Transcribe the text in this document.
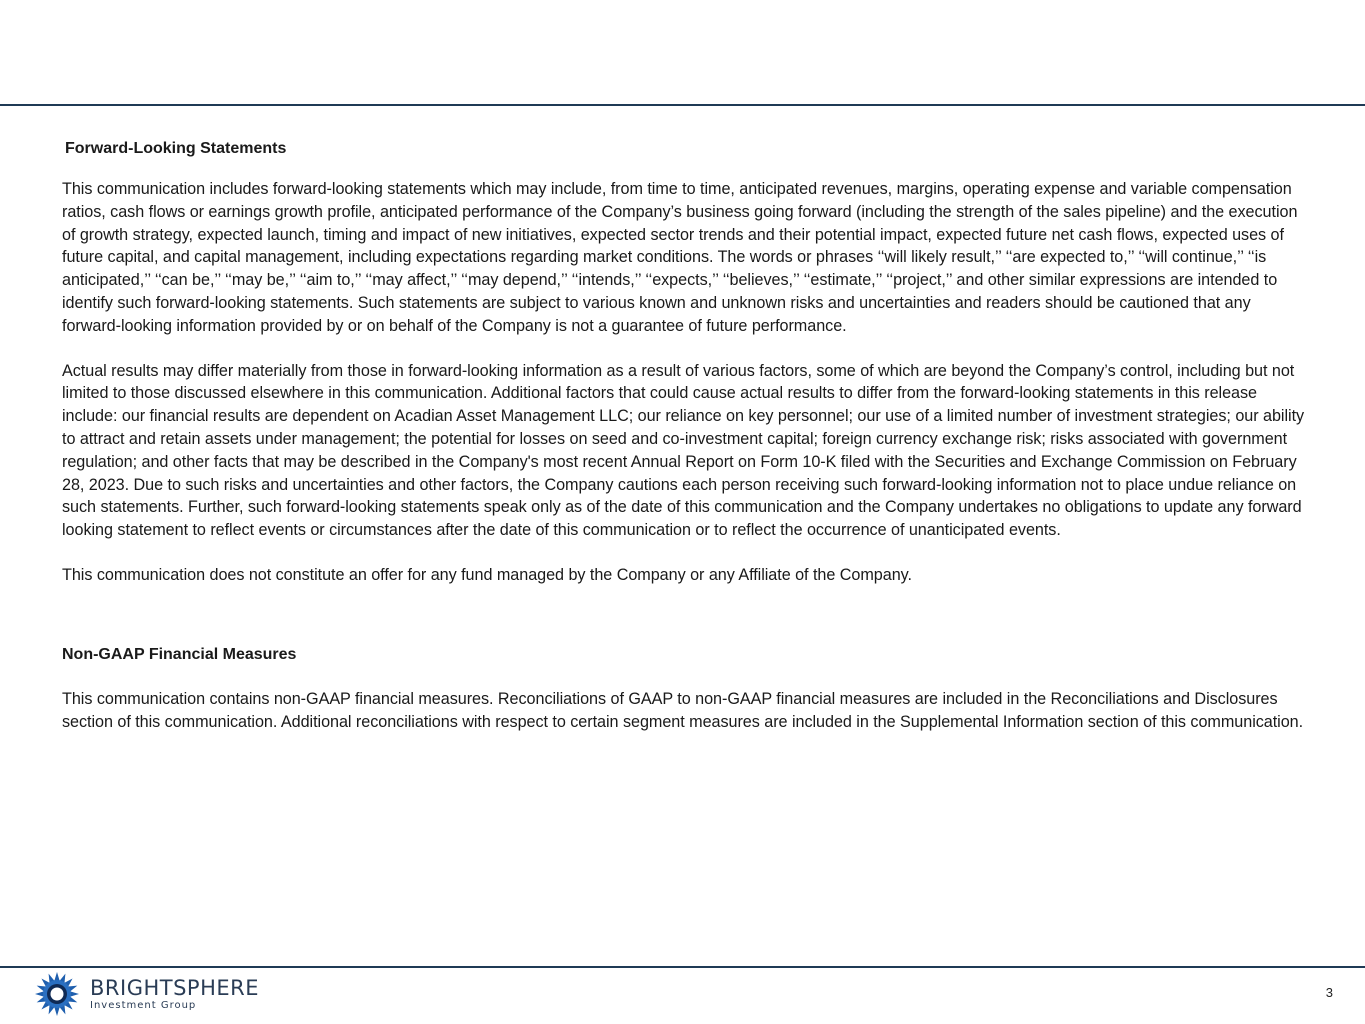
Forward-Looking Statements

This communication includes forward-looking statements which may include, from time to time, anticipated revenues, margins, operating expense and variable compensation ratios, cash flows or earnings growth profile, anticipated performance of the Company’s business going forward (including the strength of the sales pipeline) and the execution of growth strategy, expected launch, timing and impact of new initiatives, expected sector trends and their potential impact, expected future net cash flows, expected uses of future capital, and capital management, including expectations regarding market conditions. The words or phrases ‘‘will likely result,’’ ‘‘are expected to,’’ ‘‘will continue,’’ ‘‘is anticipated,’’ ‘‘can be,’’ ‘‘may be,’’ ‘‘aim to,’’ ‘‘may affect,’’ ‘‘may depend,’’ ‘‘intends,’’ ‘‘expects,’’ ‘‘believes,’’ ‘‘estimate,’’ ‘‘project,’’ and other similar expressions are intended to identify such forward-looking statements. Such statements are subject to various known and unknown risks and uncertainties and readers should be cautioned that any forward-looking information provided by or on behalf of the Company is not a guarantee of future performance.

Actual results may differ materially from those in forward-looking information as a result of various factors, some of which are beyond the Company’s control, including but not limited to those discussed elsewhere in this communication. Additional factors that could cause actual results to differ from the forward-looking statements in this release include: our financial results are dependent on Acadian Asset Management LLC; our reliance on key personnel; our use of a limited number of investment strategies; our ability to attract and retain assets under management; the potential for losses on seed and co-investment capital; foreign currency exchange risk; risks associated with government regulation; and other facts that may be described in the Company's most recent Annual Report on Form 10-K filed with the Securities and Exchange Commission on February 28, 2023. Due to such risks and uncertainties and other factors, the Company cautions each person receiving such forward-looking information not to place undue reliance on such statements. Further, such forward-looking statements speak only as of the date of this communication and the Company undertakes no obligations to update any forward looking statement to reflect events or circumstances after the date of this communication or to reflect the occurrence of unanticipated events.

This communication does not constitute an offer for any fund managed by the Company or any Affiliate of the Company.

Non-GAAP Financial Measures

This communication contains non-GAAP financial measures. Reconciliations of GAAP to non-GAAP financial measures are included in the Reconciliations and Disclosures section of this communication. Additional reconciliations with respect to certain segment measures are included in the Supplemental Information section of this communication.

BRIGHTSPHERE
Investment Group
3
